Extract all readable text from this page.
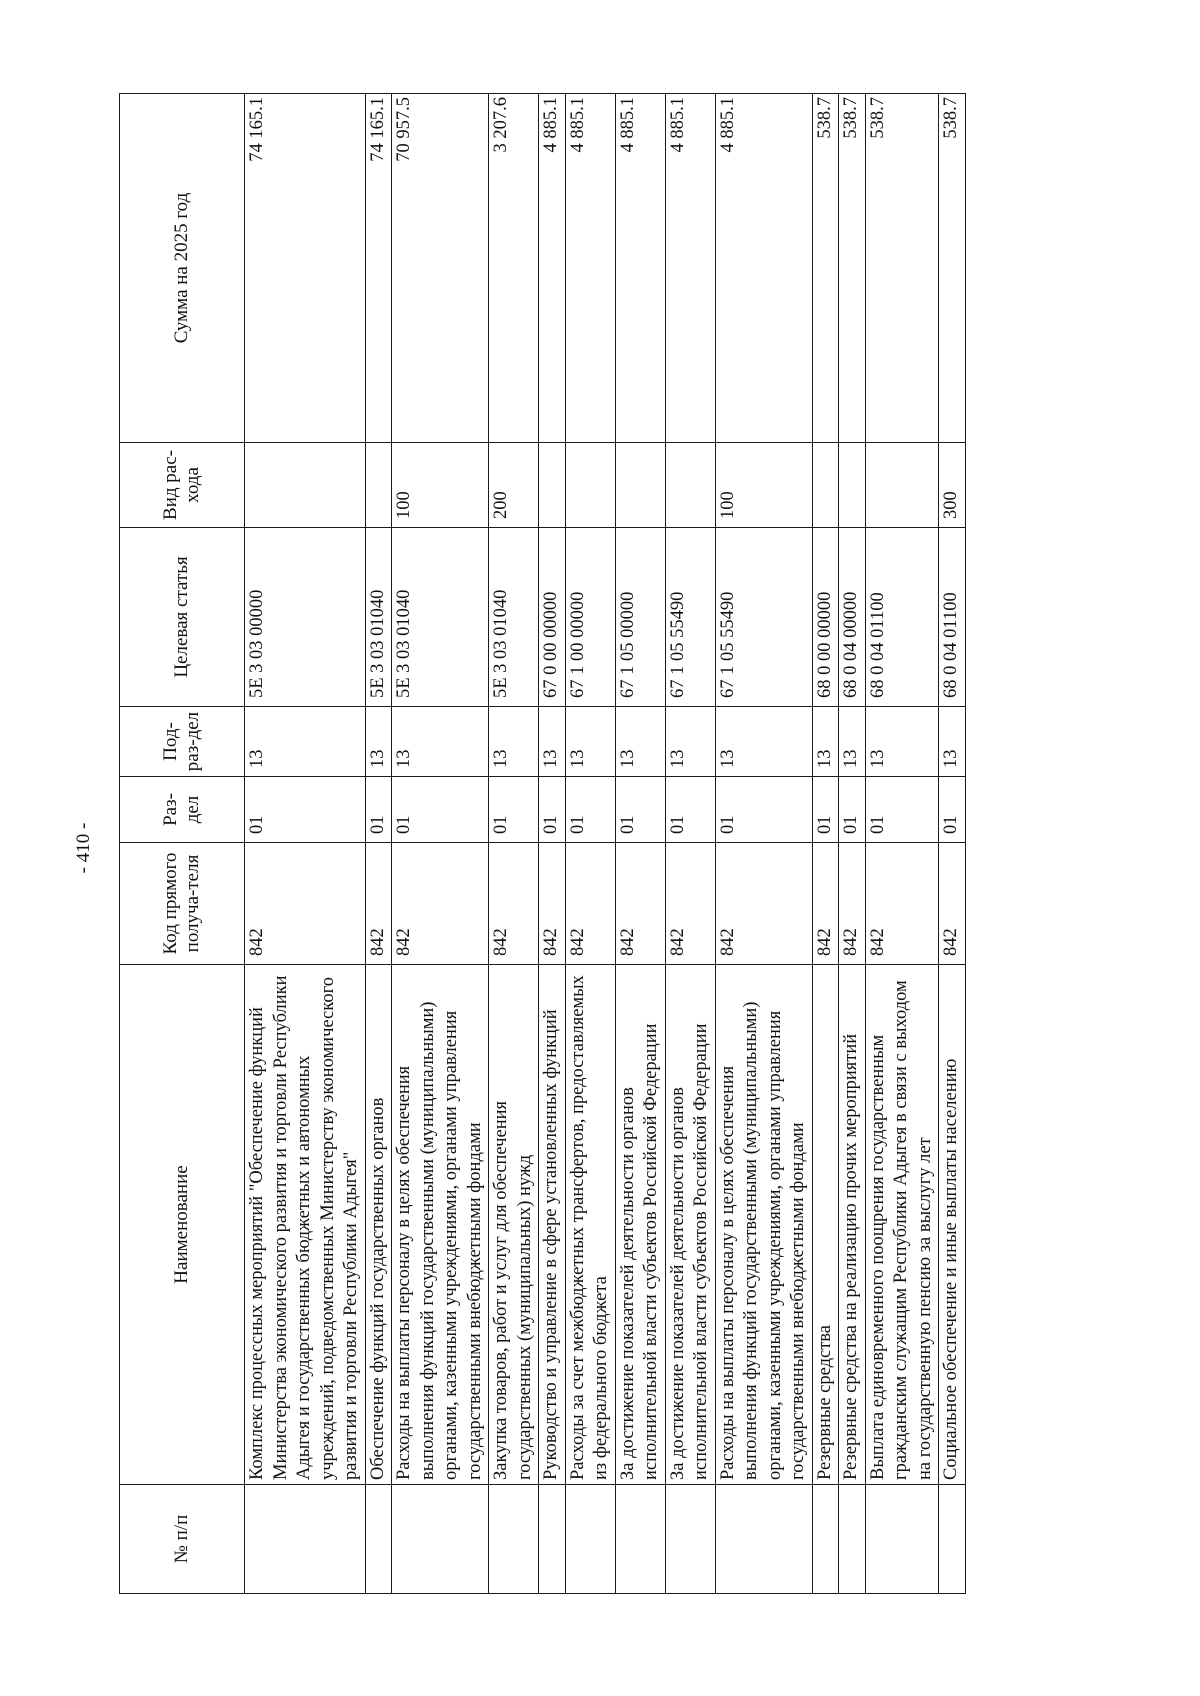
- 410 -
№ п/п	Наименование	Код прямого получа-теля	Раз-дел	Под-раз-дел	Целевая статья	Вид рас-хода	Сумма на 2025 год
	Комплекс процессных мероприятий "Обеспечение функций Министерства экономического развития и торговли Республики Адыгея и государственных бюджетных и автономных учреждений, подведомственных Министерству экономического развития и торговли Республики Адыгея"	842	01	13	5Е 3 03 00000		74 165.1
	Обеспечение функций государственных органов	842	01	13	5Е 3 03 01040		74 165.1
	Расходы на выплаты персоналу в целях обеспечения выполнения функций государственными (муниципальными) органами, казенными учреждениями, органами управления государственными внебюджетными фондами	842	01	13	5Е 3 03 01040	100	70 957.5
	Закупка товаров, работ и услуг для обеспечения государственных (муниципальных) нужд	842	01	13	5Е 3 03 01040	200	3 207.6
	Руководство и управление в сфере установленных функций	842	01	13	67 0 00 00000		4 885.1
	Расходы за счет межбюджетных трансфертов, предоставляемых из федерального бюджета	842	01	13	67 1 00 00000		4 885.1
	За достижение показателей деятельности органов исполнительной власти субъектов Российской Федерации	842	01	13	67 1 05 00000		4 885.1
	За достижение показателей деятельности органов исполнительной власти субъектов Российской Федерации	842	01	13	67 1 05 55490		4 885.1
	Расходы на выплаты персоналу в целях обеспечения выполнения функций государственными (муниципальными) органами, казенными учреждениями, органами управления государственными внебюджетными фондами	842	01	13	67 1 05 55490	100	4 885.1
	Резервные средства	842	01	13	68 0 00 00000		538.7
	Резервные средства на реализацию прочих мероприятий	842	01	13	68 0 04 00000		538.7
	Выплата единовременного поощрения государственным гражданским служащим Республики Адыгея в связи с выходом на государственную пенсию за выслугу лет	842	01	13	68 0 04 01100		538.7
	Социальное обеспечение и иные выплаты населению	842	01	13	68 0 04 01100	300	538.7
